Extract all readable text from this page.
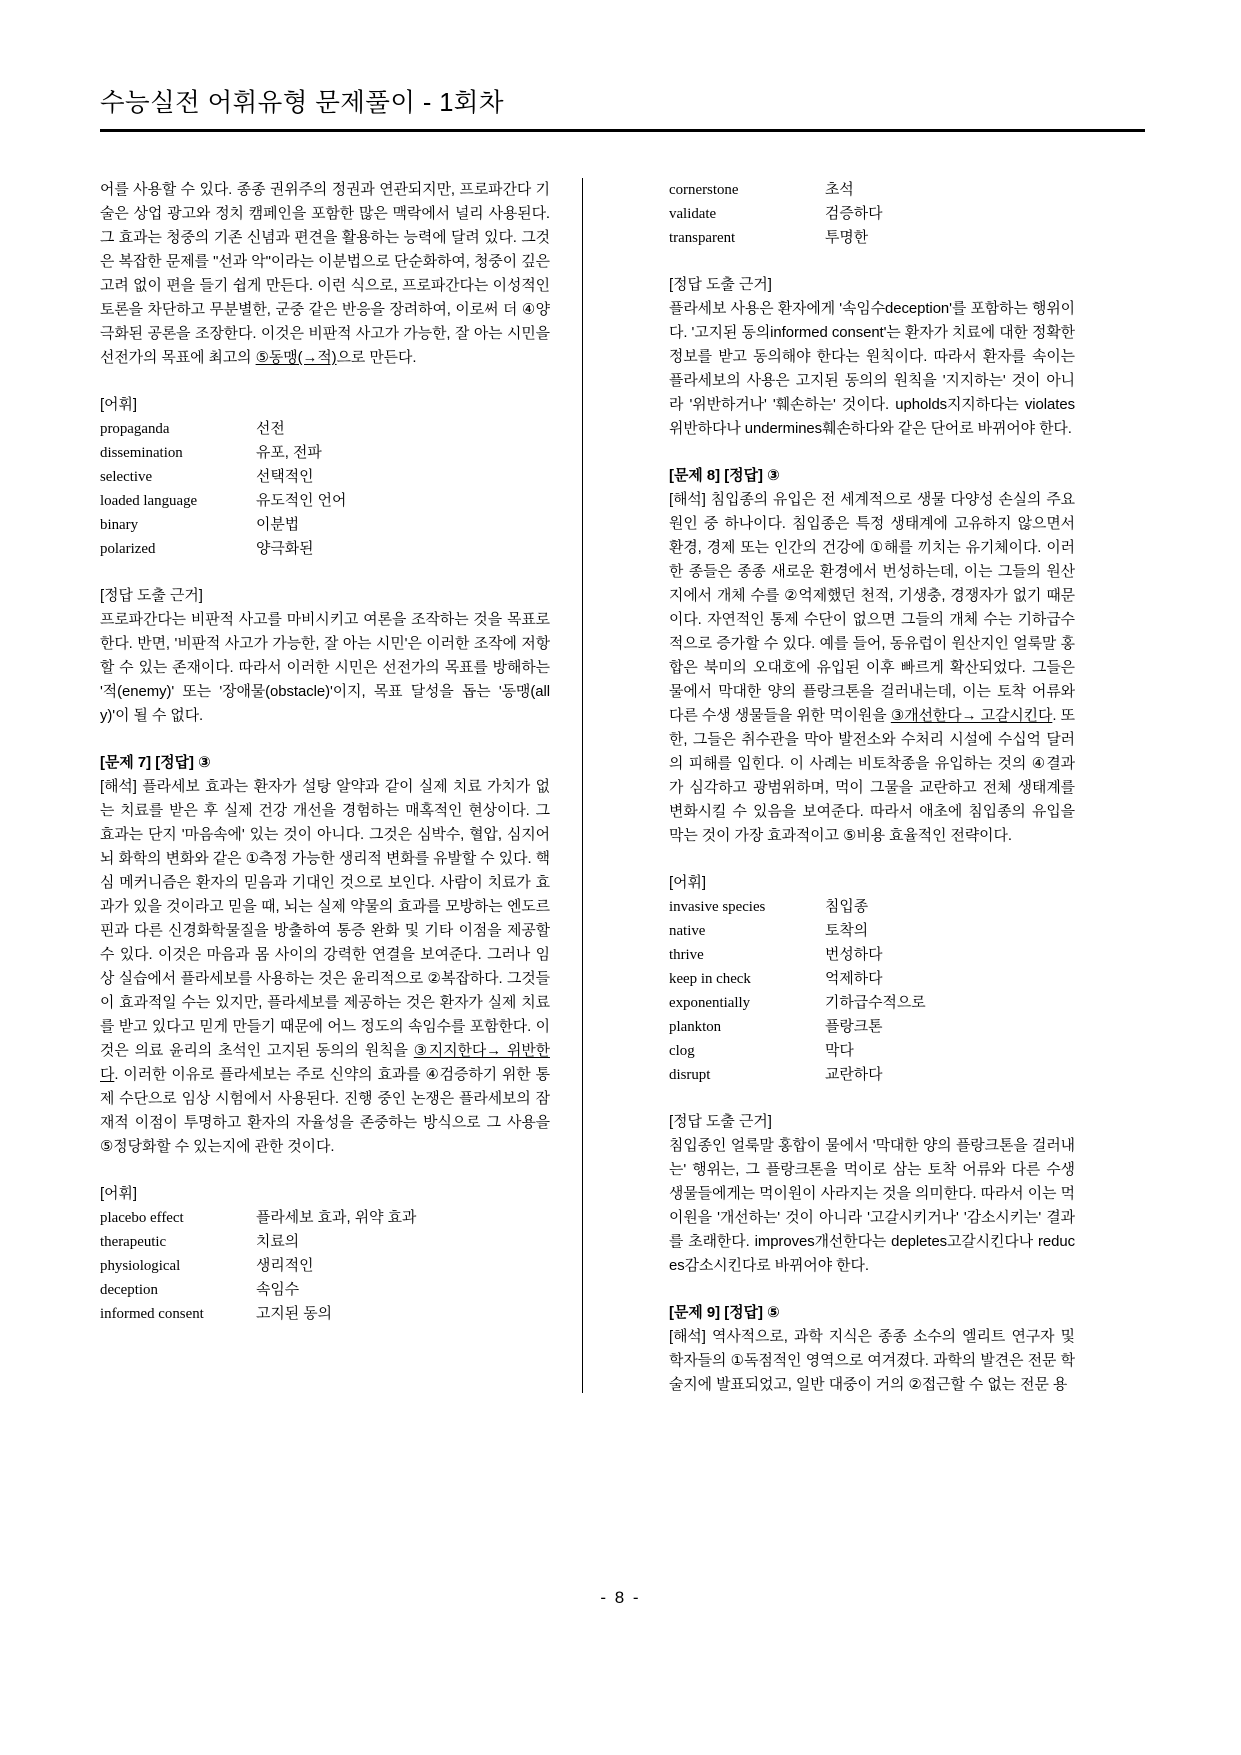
수능실전 어휘유형 문제풀이 - 1회차

어를 사용할 수 있다. 종종 권위주의 정권과 연관되지만, 프로파간다 기술은 상업 광고와 정치 캠페인을 포함한 많은 맥락에서 널리 사용된다. 그 효과는 청중의 기존 신념과 편견을 활용하는 능력에 달려 있다. 그것은 복잡한 문제를 "선과 악"이라는 이분법으로 단순화하여, 청중이 깊은 고려 없이 편을 들기 쉽게 만든다. 이런 식으로, 프로파간다는 이성적인 토론을 차단하고 무분별한, 군중 같은 반응을 장려하여, 이로써 더 ④양극화된 공론을 조장한다. 이것은 비판적 사고가 가능한, 잘 아는 시민을 선전가의 목표에 최고의 ⑤동맹(→적)으로 만든다.

[어휘]
propaganda	선전
dissemination	유포, 전파
selective	선택적인
loaded language	유도적인 언어
binary	이분법
polarized	양극화된
[정답 도출 근거]

프로파간다는 비판적 사고를 마비시키고 여론을 조작하는 것을 목표로 한다. 반면, '비판적 사고가 가능한, 잘 아는 시민'은 이러한 조작에 저항할 수 있는 존재이다. 따라서 이러한 시민은 선전가의 목표를 방해하는 '적(enemy)' 또는 '장애물(obstacle)'이지, 목표 달성을 돕는 '동맹(ally)'이 될 수 없다.

[문제 7] [정답] ③

[해석] 플라세보 효과는 환자가 설탕 알약과 같이 실제 치료 가치가 없는 치료를 받은 후 실제 건강 개선을 경험하는 매혹적인 현상이다. 그 효과는 단지 '마음속에' 있는 것이 아니다. 그것은 심박수, 혈압, 심지어 뇌 화학의 변화와 같은 ①측정 가능한 생리적 변화를 유발할 수 있다. 핵심 메커니즘은 환자의 믿음과 기대인 것으로 보인다. 사람이 치료가 효과가 있을 것이라고 믿을 때, 뇌는 실제 약물의 효과를 모방하는 엔도르핀과 다른 신경화학물질을 방출하여 통증 완화 및 기타 이점을 제공할 수 있다. 이것은 마음과 몸 사이의 강력한 연결을 보여준다. 그러나 임상 실습에서 플라세보를 사용하는 것은 윤리적으로 ②복잡하다. 그것들이 효과적일 수는 있지만, 플라세보를 제공하는 것은 환자가 실제 치료를 받고 있다고 믿게 만들기 때문에 어느 정도의 속임수를 포함한다. 이것은 의료 윤리의 초석인 고지된 동의의 원칙을 ③지지한다→ 위반한다. 이러한 이유로 플라세보는 주로 신약의 효과를 ④검증하기 위한 통제 수단으로 임상 시험에서 사용된다. 진행 중인 논쟁은 플라세보의 잠재적 이점이 투명하고 환자의 자율성을 존중하는 방식으로 그 사용을 ⑤정당화할 수 있는지에 관한 것이다.

[어휘]
placebo effect	플라세보 효과, 위약 효과
therapeutic	치료의
physiological	생리적인
deception	속임수
informed consent	고지된 동의
cornerstone	초석
validate	검증하다
transparent	투명한
[정답 도출 근거]

플라세보 사용은 환자에게 '속임수deception'를 포함하는 행위이다. '고지된 동의informed consent'는 환자가 치료에 대한 정확한 정보를 받고 동의해야 한다는 원칙이다. 따라서 환자를 속이는 플라세보의 사용은 고지된 동의의 원칙을 '지지하는' 것이 아니라 '위반하거나' '훼손하는' 것이다. upholds지지하다는 violates위반하다나 undermines훼손하다와 같은 단어로 바뀌어야 한다.

[문제 8] [정답] ③

[해석] 침입종의 유입은 전 세계적으로 생물 다양성 손실의 주요 원인 중 하나이다. 침입종은 특정 생태계에 고유하지 않으면서 환경, 경제 또는 인간의 건강에 ①해를 끼치는 유기체이다. 이러한 종들은 종종 새로운 환경에서 번성하는데, 이는 그들의 원산지에서 개체 수를 ②억제했던 천적, 기생충, 경쟁자가 없기 때문이다. 자연적인 통제 수단이 없으면 그들의 개체 수는 기하급수적으로 증가할 수 있다. 예를 들어, 동유럽이 원산지인 얼룩말 홍합은 북미의 오대호에 유입된 이후 빠르게 확산되었다. 그들은 물에서 막대한 양의 플랑크톤을 걸러내는데, 이는 토착 어류와 다른 수생 생물들을 위한 먹이원을 ③개선한다→ 고갈시킨다. 또한, 그들은 취수관을 막아 발전소와 수처리 시설에 수십억 달러의 피해를 입힌다. 이 사례는 비토착종을 유입하는 것의 ④결과가 심각하고 광범위하며, 먹이 그물을 교란하고 전체 생태계를 변화시킬 수 있음을 보여준다. 따라서 애초에 침입종의 유입을 막는 것이 가장 효과적이고 ⑤비용 효율적인 전략이다.

[어휘]
invasive species	침입종
native	토착의
thrive	번성하다
keep in check	억제하다
exponentially	기하급수적으로
plankton	플랑크톤
clog	막다
disrupt	교란하다
[정답 도출 근거]

침입종인 얼룩말 홍합이 물에서 '막대한 양의 플랑크톤을 걸러내는' 행위는, 그 플랑크톤을 먹이로 삼는 토착 어류와 다른 수생 생물들에게는 먹이원이 사라지는 것을 의미한다. 따라서 이는 먹이원을 '개선하는' 것이 아니라 '고갈시키거나' '감소시키는' 결과를 초래한다. improves개선한다는 depletes고갈시킨다나 reduces감소시킨다로 바뀌어야 한다.

[문제 9] [정답] ⑤

[해석] 역사적으로, 과학 지식은 종종 소수의 엘리트 연구자 및 학자들의 ①독점적인 영역으로 여겨졌다. 과학의 발견은 전문 학술지에 발표되었고, 일반 대중이 거의 ②접근할 수 없는 전문 용

- 8 -
